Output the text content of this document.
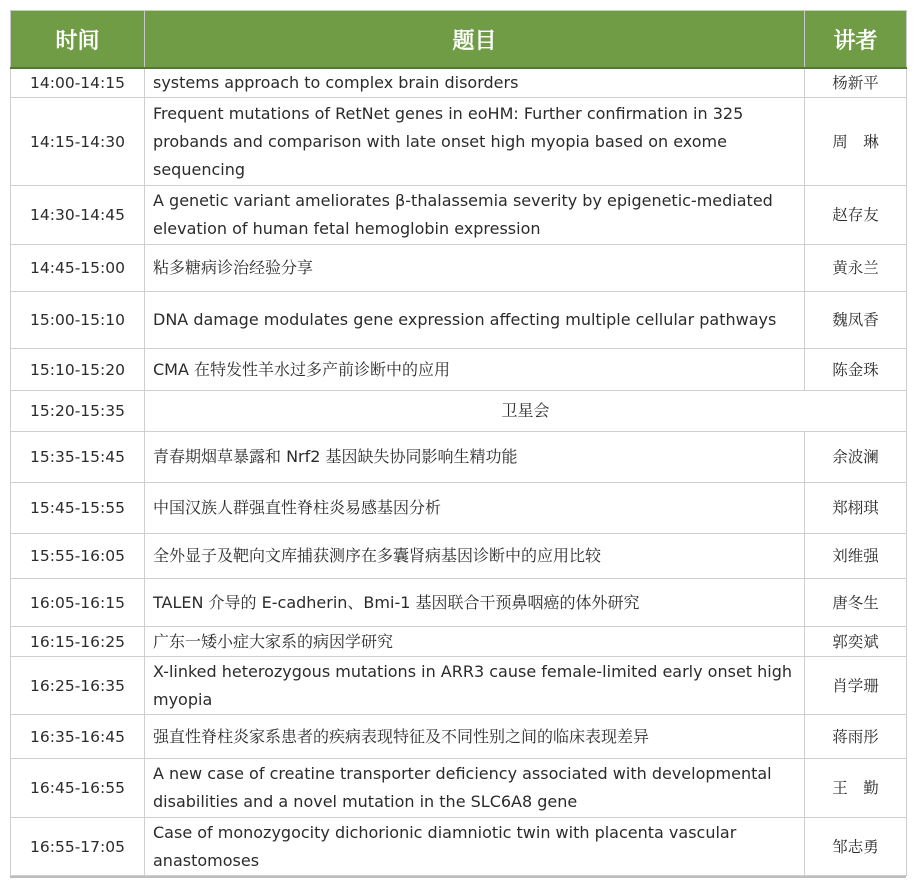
时间	题目	讲者
14:00-14:15	systems approach to complex brain disorders	杨新平
14:15-14:30	Frequent mutations of RetNet genes in eoHM: Further confirmation in 325 probands and comparison with late onset high myopia based on exome sequencing	周　琳
14:30-14:45	A genetic variant ameliorates β-thalassemia severity by epigenetic-mediated elevation of human fetal hemoglobin expression	赵存友
14:45-15:00	粘多糖病诊治经验分享	黄永兰
15:00-15:10	DNA damage modulates gene expression affecting multiple cellular pathways	魏凤香
15:10-15:20	CMA 在特发性羊水过多产前诊断中的应用	陈金珠
15:20-15:35	卫星会	
15:35-15:45	青春期烟草暴露和 Nrf2 基因缺失协同影响生精功能	余波澜
15:45-15:55	中国汉族人群强直性脊柱炎易感基因分析	郑栩琪
15:55-16:05	全外显子及靶向文库捕获测序在多囊肾病基因诊断中的应用比较	刘维强
16:05-16:15	TALEN 介导的 E-cadherin、Bmi-1 基因联合干预鼻咽癌的体外研究	唐冬生
16:15-16:25	广东一矮小症大家系的病因学研究	郭奕斌
16:25-16:35	X-linked heterozygous mutations in ARR3 cause female-limited early onset high myopia	肖学珊
16:35-16:45	强直性脊柱炎家系患者的疾病表现特征及不同性别之间的临床表现差异	蒋雨彤
16:45-16:55	A new case of creatine transporter deficiency associated with developmental disabilities and a novel mutation in the SLC6A8 gene	王　勤
16:55-17:05	Case of monozygocity dichorionic diamniotic twin with placenta vascular anastomoses	邹志勇
